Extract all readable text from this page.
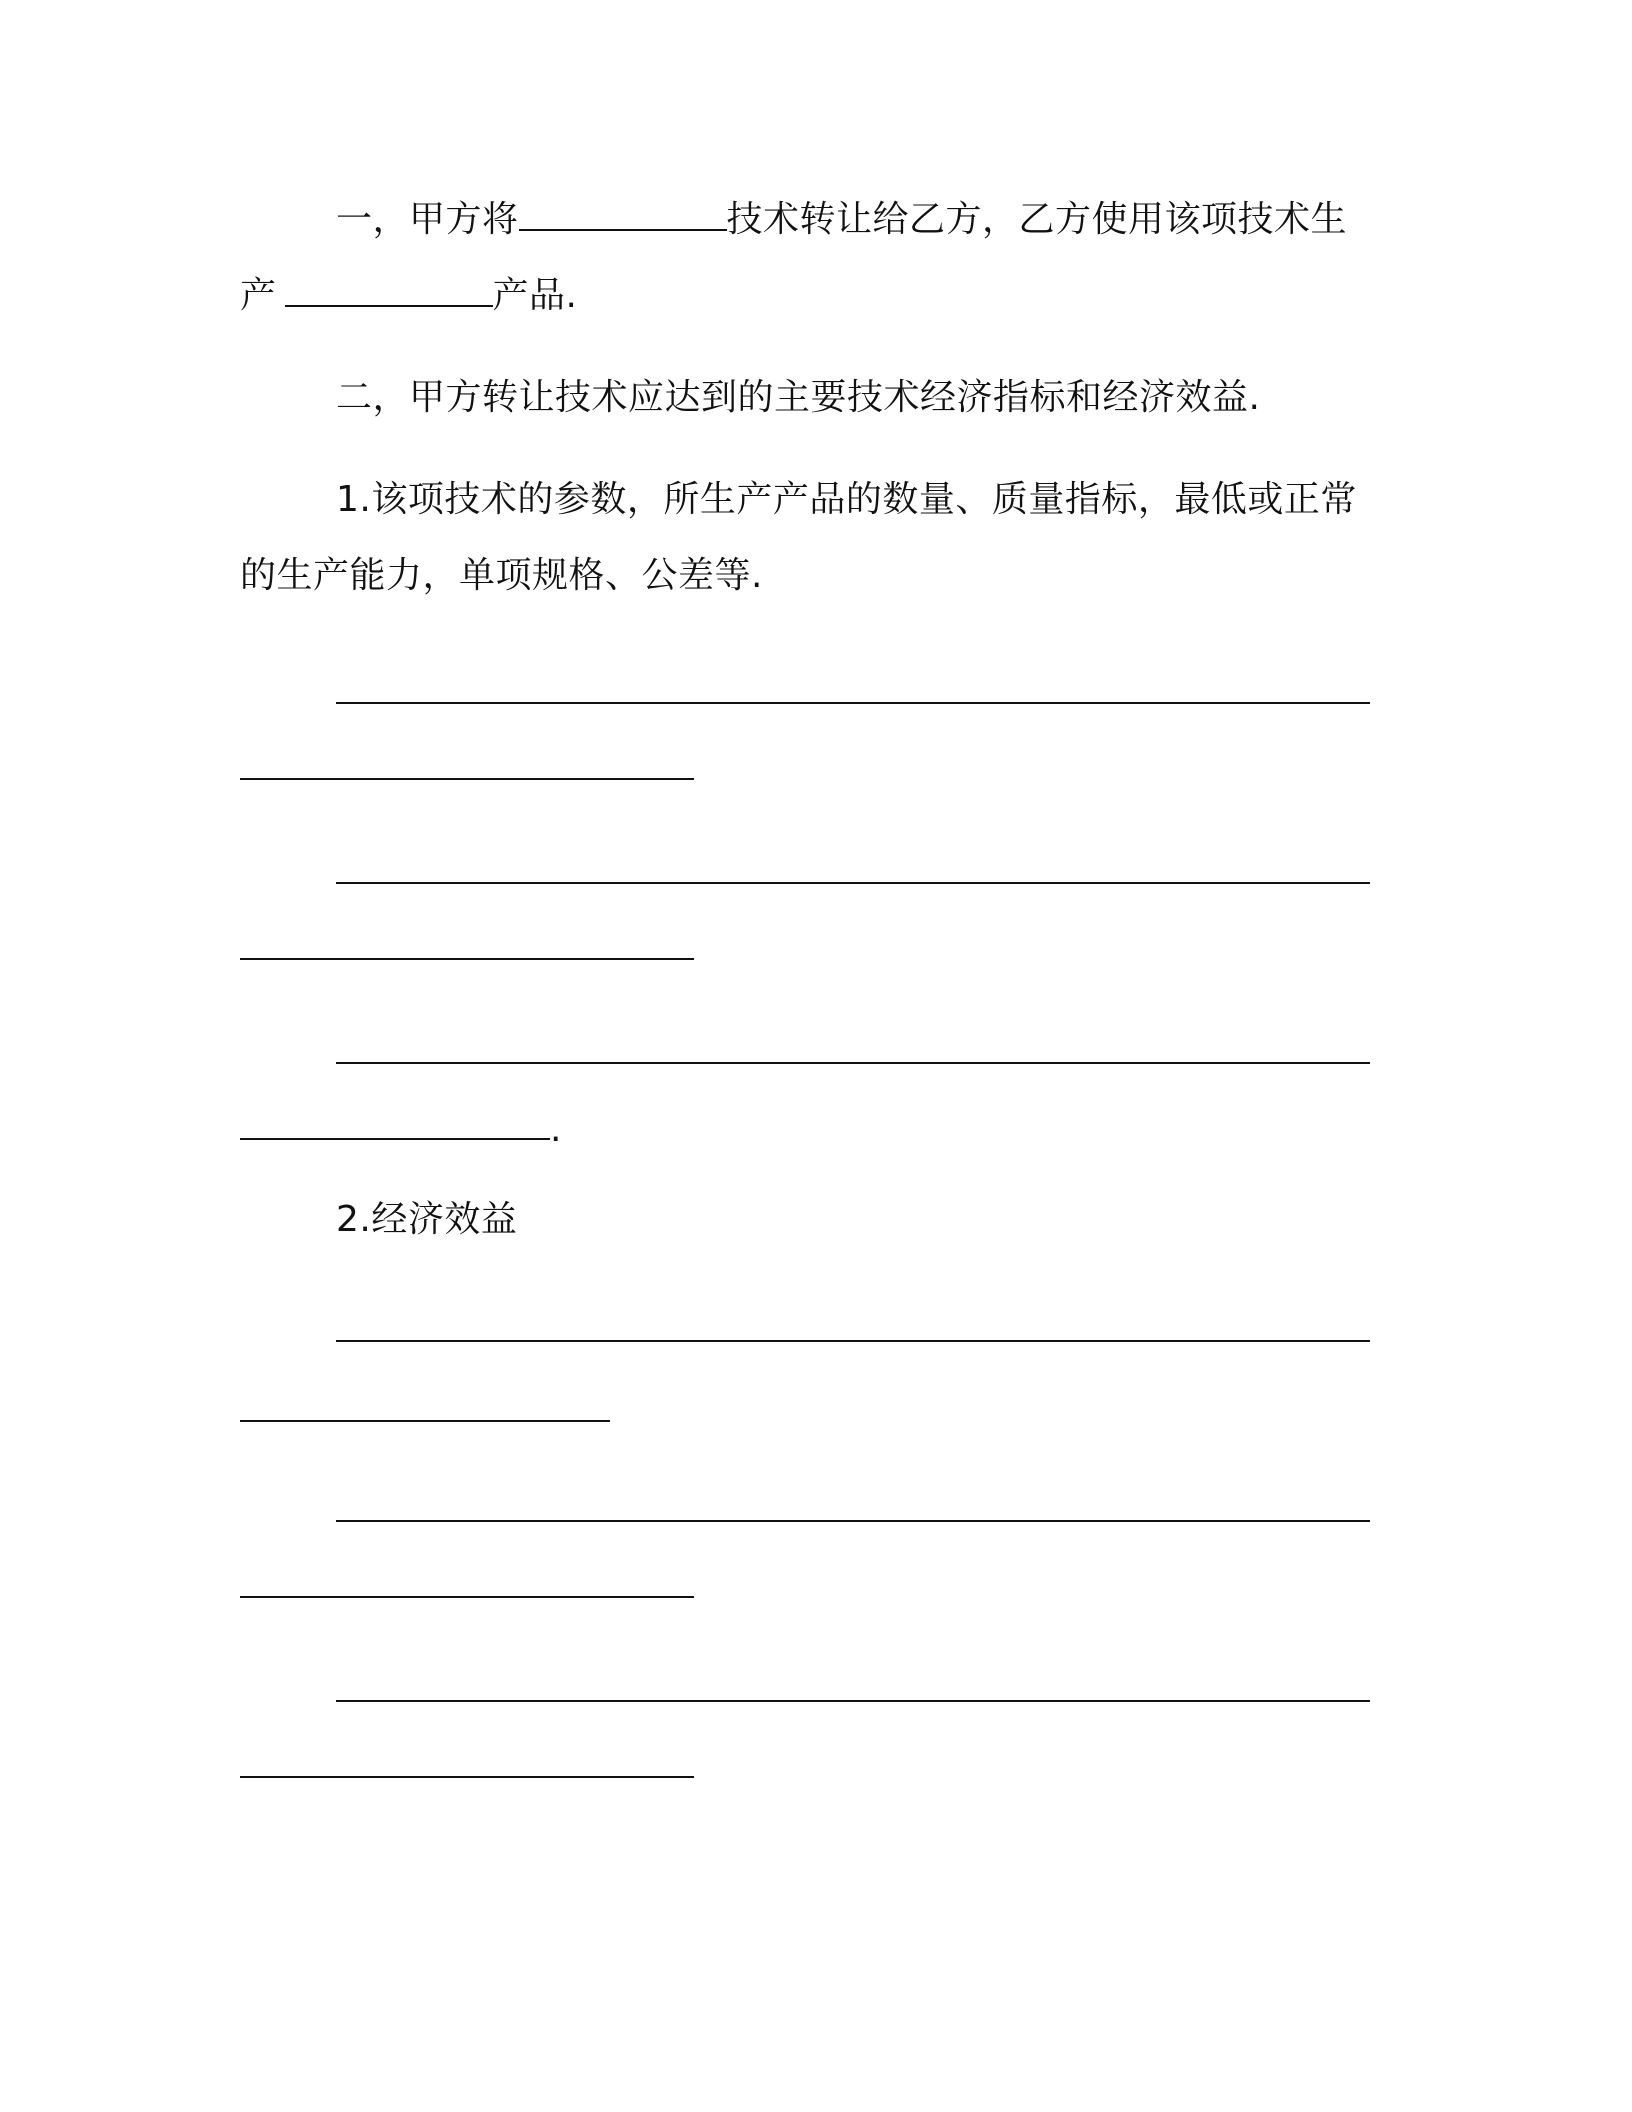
一，甲方将	技术转让给乙方，乙方使用该项技术生
产	产品.
二，甲方转让技术应达到的主要技术经济指标和经济效益.
1.该项技术的参数，所生产产品的数量、质量指标，最低或正常
的生产能力，单项规格、公差等.
.
2.经济效益
